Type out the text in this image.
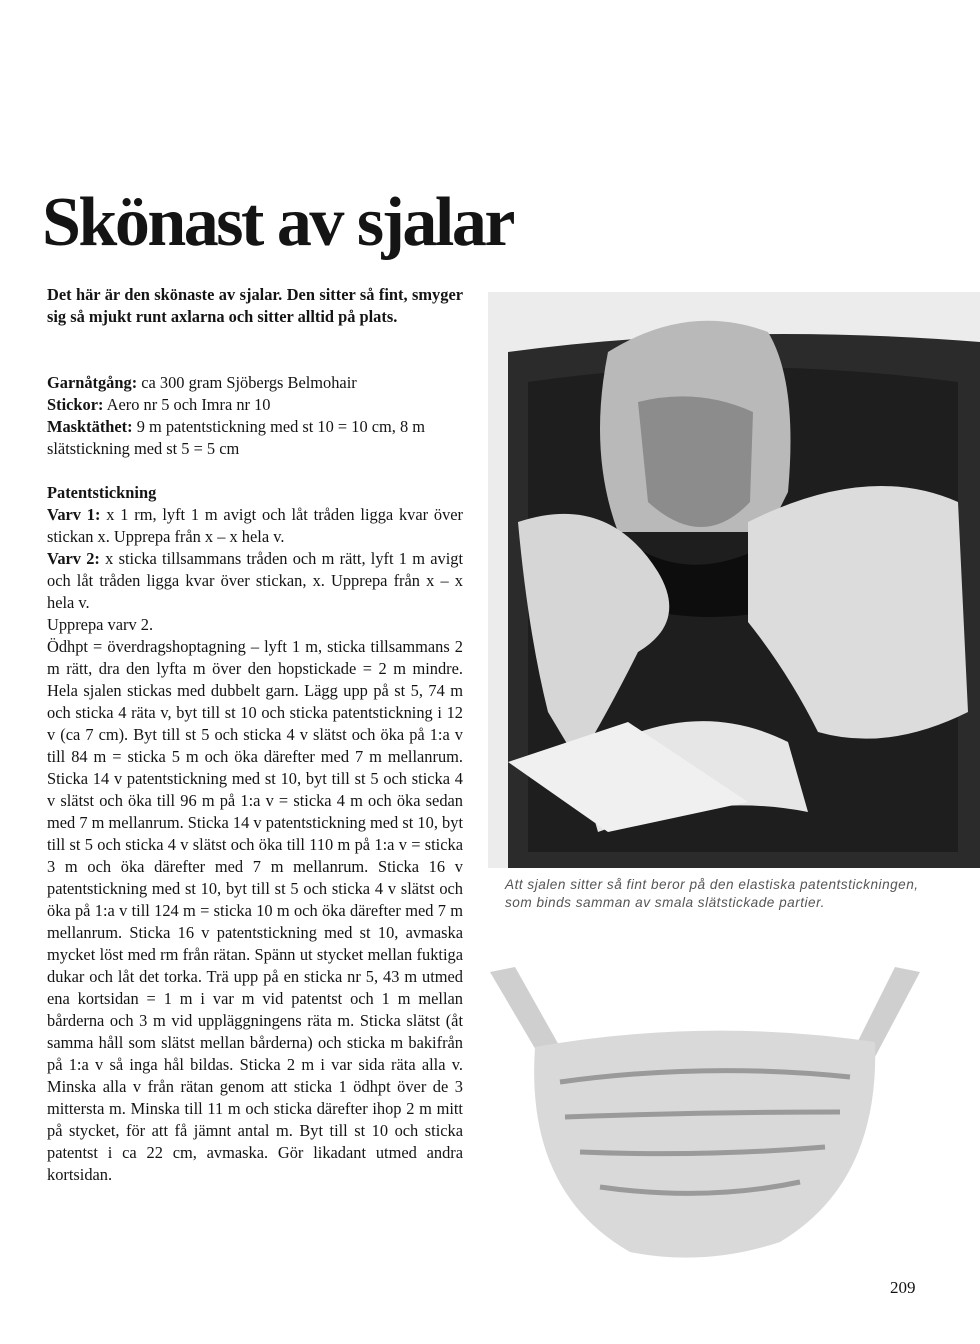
Skönast av sjalar

Det här är den skönaste av sjalar. Den sitter så fint, smyger sig så mjukt runt axlarna och sitter alltid på plats.

Garnåtgång: ca 300 gram Sjöbergs Belmohair

Stickor: Aero nr 5 och Imra nr 10

Masktäthet: 9 m patentstickning med st 10 = 10 cm, 8 m slätstickning med st 5 = 5 cm

Patentstickning

Varv 1: x 1 rm, lyft 1 m avigt och låt tråden ligga kvar över stickan x. Upprepa från x – x hela v.

Varv 2: x sticka tillsammans tråden och m rätt, lyft 1 m avigt och låt tråden ligga kvar över stickan, x. Upprepa från x – x hela v.

Upprepa varv 2.

Ödhpt = överdragshoptagning – lyft 1 m, sticka tillsammans 2 m rätt, dra den lyfta m över den hopstickade = 2 m mindre. Hela sjalen stickas med dubbelt garn. Lägg upp på st 5, 74 m och sticka 4 räta v, byt till st 10 och sticka patentstickning i 12 v (ca 7 cm). Byt till st 5 och sticka 4 v slätst och öka på 1:a v till 84 m = sticka 5 m och öka därefter med 7 m mellanrum. Sticka 14 v patentstickning med st 10, byt till st 5 och sticka 4 v slätst och öka till 96 m på 1:a v = sticka 4 m och öka sedan med 7 m mellanrum. Sticka 14 v patentstickning med st 10, byt till st 5 och sticka 4 v slätst och öka till 110 m på 1:a v = sticka 3 m och öka därefter med 7 m mellanrum. Sticka 16 v patentstickning med st 10, byt till st 5 och sticka 4 v slätst och öka på 1:a v till 124 m = sticka 10 m och öka därefter med 7 m mellanrum. Sticka 16 v patentstickning med st 10, avmaska mycket löst med rm från rätan. Spänn ut stycket mellan fuktiga dukar och låt det torka. Trä upp på en sticka nr 5, 43 m utmed ena kortsidan = 1 m i var m vid patentst och 1 m mellan bårderna och 3 m vid uppläggningens räta m. Sticka slätst (åt samma håll som slätst mellan bårderna) och sticka m bakifrån på 1:a v så inga hål bildas. Sticka 2 m i var sida räta alla v. Minska alla v från rätan genom att sticka 1 ödhpt över de 3 mittersta m. Minska till 11 m och sticka därefter ihop 2 m mitt på stycket, för att få jämnt antal m. Byt till st 10 och sticka patentst i ca 22 cm, avmaska. Gör likadant utmed andra kortsidan.

Att sjalen sitter så fint beror på den elastiska patentstickningen, som binds samman av smala slätstickade partier.
209
